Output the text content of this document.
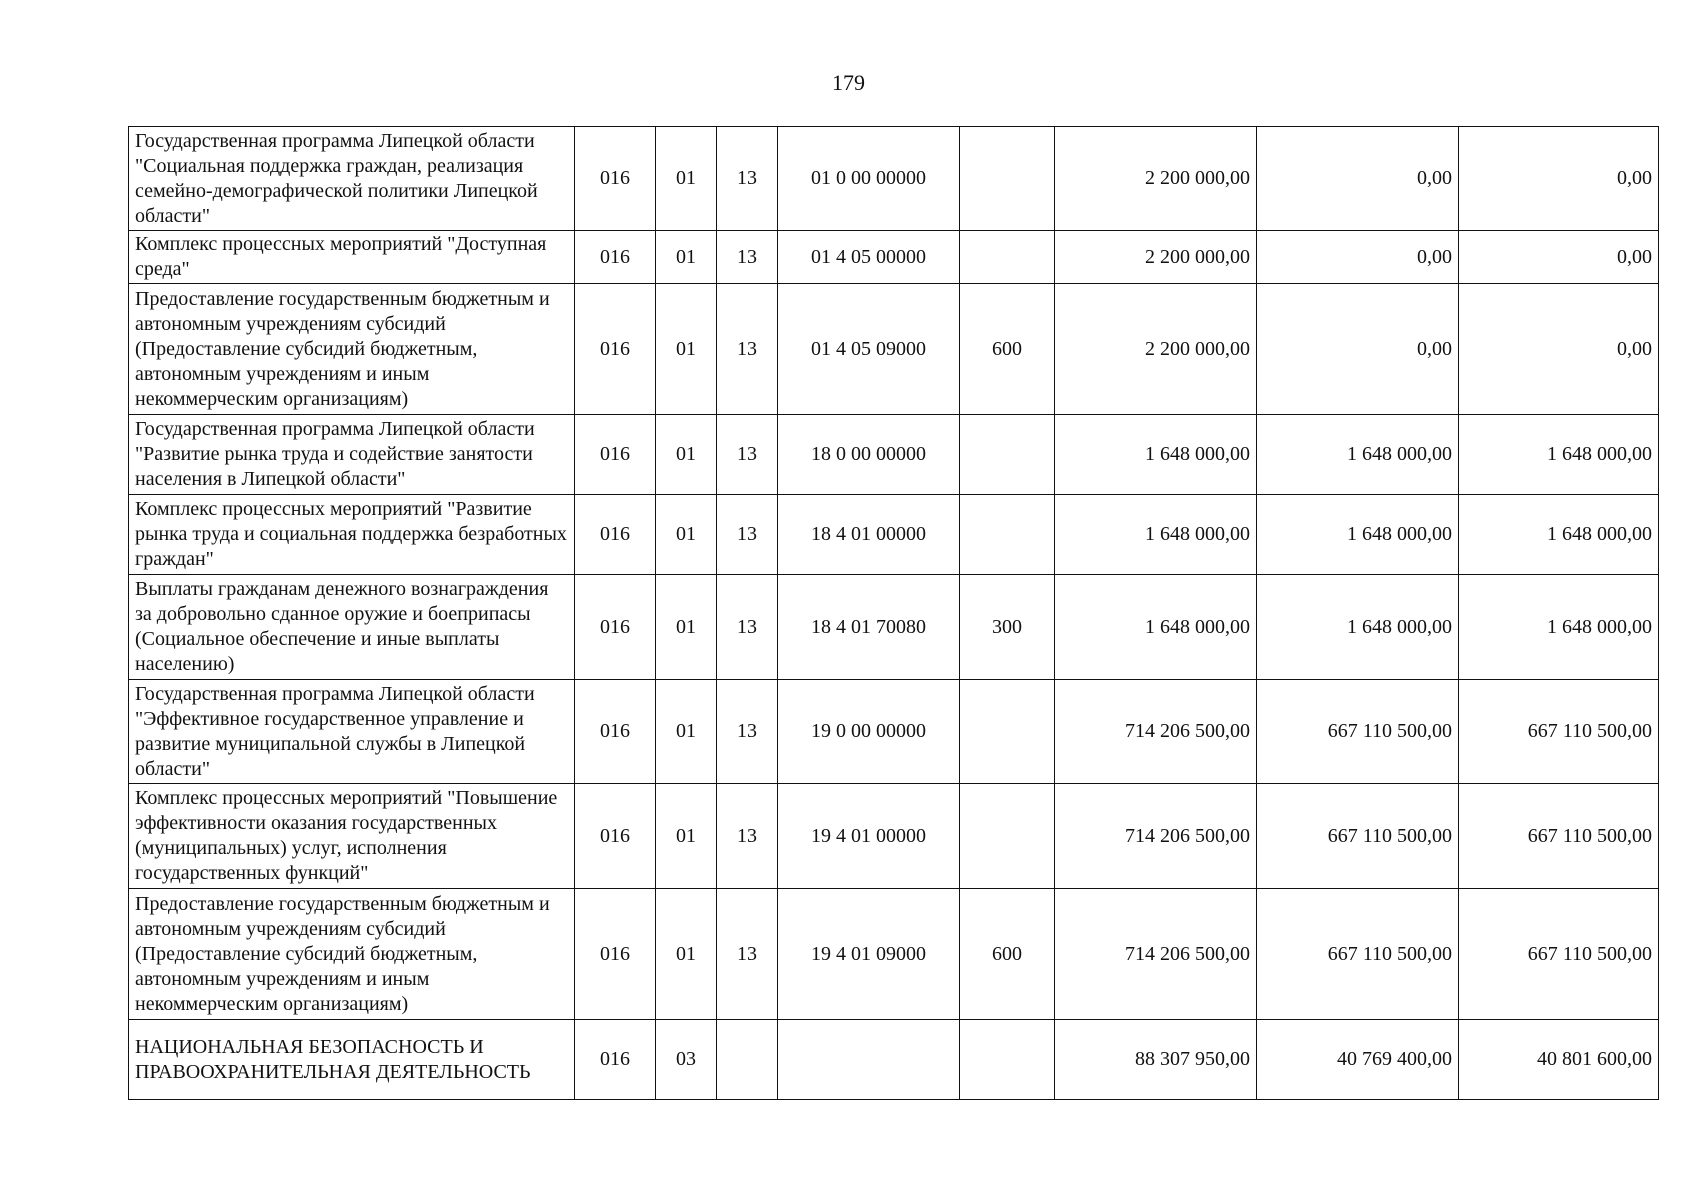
179
Государственная программа Липецкой области "Социальная поддержка граждан, реализация семейно-демографической политики Липецкой области"	016	01	13	01 0 00 00000		2 200 000,00	0,00	0,00
Комплекс процессных мероприятий "Доступная среда"	016	01	13	01 4 05 00000		2 200 000,00	0,00	0,00
Предоставление государственным бюджетным и автономным учреждениям субсидий (Предоставление субсидий бюджетным, автономным учреждениям и иным некоммерческим организациям)	016	01	13	01 4 05 09000	600	2 200 000,00	0,00	0,00
Государственная программа Липецкой области "Развитие рынка труда и содействие занятости населения в Липецкой области"	016	01	13	18 0 00 00000		1 648 000,00	1 648 000,00	1 648 000,00
Комплекс процессных мероприятий "Развитие рынка труда и социальная поддержка безработных граждан"	016	01	13	18 4 01 00000		1 648 000,00	1 648 000,00	1 648 000,00
Выплаты гражданам денежного вознаграждения за добровольно сданное оружие и боеприпасы (Социальное обеспечение и иные выплаты населению)	016	01	13	18 4 01 70080	300	1 648 000,00	1 648 000,00	1 648 000,00
Государственная программа Липецкой области "Эффективное государственное управление и развитие муниципальной службы в Липецкой области"	016	01	13	19 0 00 00000		714 206 500,00	667 110 500,00	667 110 500,00
Комплекс процессных мероприятий "Повышение эффективности оказания государственных (муниципальных) услуг, исполнения государственных функций"	016	01	13	19 4 01 00000		714 206 500,00	667 110 500,00	667 110 500,00
Предоставление государственным бюджетным и автономным учреждениям субсидий (Предоставление субсидий бюджетным, автономным учреждениям и иным некоммерческим организациям)	016	01	13	19 4 01 09000	600	714 206 500,00	667 110 500,00	667 110 500,00
НАЦИОНАЛЬНАЯ БЕЗОПАСНОСТЬ И ПРАВООХРАНИТЕЛЬНАЯ ДЕЯТЕЛЬНОСТЬ	016	03				88 307 950,00	40 769 400,00	40 801 600,00
